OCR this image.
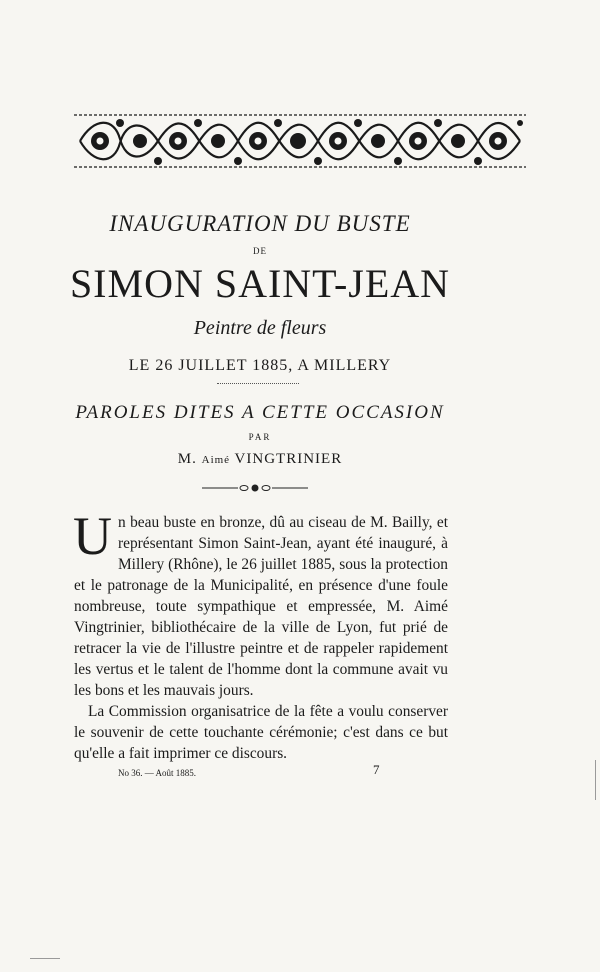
INAUGURATION DU BUSTE
DE
SIMON SAINT-JEAN
Peintre de fleurs
LE 26 JUILLET 1885, A MILLERY
PAROLES DITES A CETTE OCCASION
PAR
M. Aimé VINGTRINIER

Un beau buste en bronze, dû au ciseau de M. Bailly, et représentant Simon Saint-Jean, ayant été inauguré, à Millery (Rhône), le 26 juillet 1885, sous la protection et le patronage de la Municipalité, en présence d'une foule nombreuse, toute sympathique et empressée, M. Aimé Vingtrinier, bibliothécaire de la ville de Lyon, fut prié de retracer la vie de l'illustre peintre et de rappeler rapidement les vertus et le talent de l'homme dont la commune avait vu les bons et les mauvais jours.

La Commission organisatrice de la fête a voulu conserver le souvenir de cette touchante cérémonie; c'est dans ce but qu'elle a fait imprimer ce discours.

No 36. — Août 1885.	7
